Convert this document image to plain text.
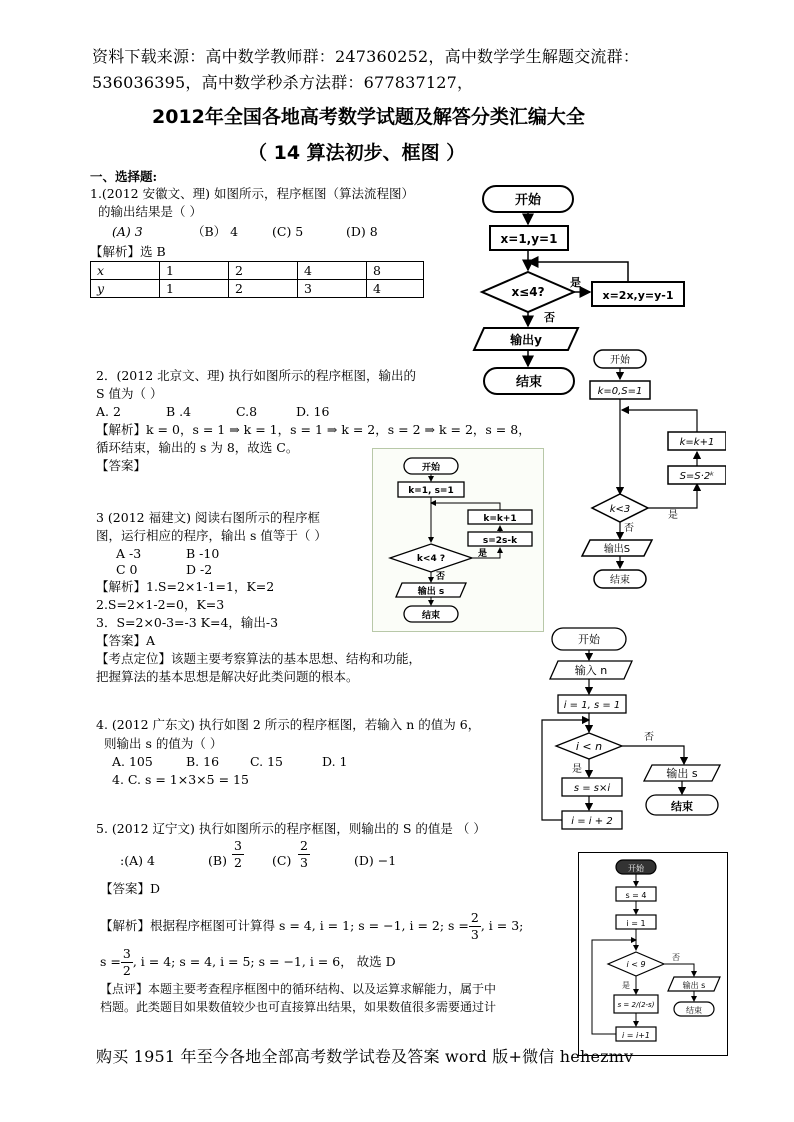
资料下载来源：高中数学教师群：247360252，高中数学学生解题交流群：
536036395，高中数学秒杀方法群：677837127，
2012年全国各地高考数学试题及解答分类汇编大全
（ 14 算法初步、框图 ）
一、选择题:
1.(2012 安徽文、理) 如图所示，程序框图（算法流程图）
的输出结果是（ ）
(A) 3	（B） 4	(C) 5	(D) 8
【解析】选 B
x	1	2	4	8
y	1	2	3	4
开始
x=1,y=1
x≤4?
是
x=2x,y=y-1
否
输出y
结束
2．(2012 北京文、理) 执行如图所示的程序框图，输出的
S 值为（ ）
A. 2	B .4	C.8	D. 16
【解析】k = 0，s = 1 ⇒ k = 1，s = 1 ⇒ k = 2，s = 2 ⇒ k = 2，s = 8，
循环结束，输出的 s 为 8，故选 C。
【答案】
开始
k=0,S=1
k<3
是
S=S·2ᵏ
k=k+1
否
输出S
结束
3 (2012 福建文) 阅读右图所示的程序框
图，运行相应的程序，输出 s 值等于（ ）
A -3	B -10
C 0	D -2
【解析】1.S=2×1-1=1，K=2
2.S=2×1-2=0，K=3
3．S=2×0-3=-3 K=4，输出-3
【答案】A
【考点定位】该题主要考察算法的基本思想、结构和功能，
把握算法的基本思想是解决好此类问题的根本。
开始
k=1, s=1
k=k+1
s=2s-k
k<4 ?	是
否
输出 s
结束
4. (2012 广东文) 执行如图 2 所示的程序框图，若输入 n 的值为 6，
则输出 s 的值为（ ）
A. 105	B. 16 C. 15	D. 1
4. C. s = 1×3×5 = 15
开始
输入 n
i = 1, s = 1
i < n
否
输出 s
结束
是
s = s×i
i = i + 2
5. (2012 辽宁文) 执行如图所示的程序框图，则输出的 S 的值是 （ ）
:(A) 4	$(B) \frac{3}{2} (C) \frac{2}{3}$	(D) −1
【答案】D
【解析】根据程序框图可计算得 s = 4, i = 1; s = −1, i = 2; $s = \frac{2}{3}$ , i = 3;
$s = \frac{3}{2}$ , i = 4; s = 4, i = 5; s = −1, i = 6， 故选 D
【点评】本题主要考查程序框图中的循环结构、以及运算求解能力，属于中
档题。此类题目如果数值较少也可直接算出结果，如果数值很多需要通过计
开始
s = 4
i = 1
i < 9
否
输出 s
结束
是
s = 2/(2-s)
i = i+1
购买 1951 年至今各地全部高考数学试卷及答案 word 版+微信 hehezmv
